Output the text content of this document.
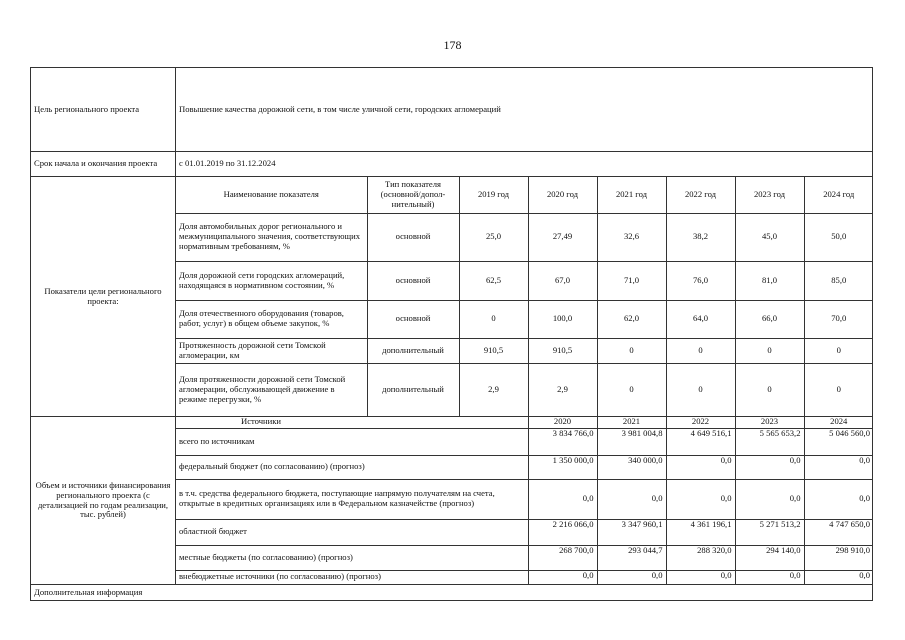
178
Цель регионального проекта	Повышение качества дорожной сети, в том числе уличной сети, городских агломераций
Срок начала и окончания проекта	с 01.01.2019 по 31.12.2024
Показатели цели регионального проекта:	
Наименование показателя	Тип показателя (основной/допол-нительный)	2019 год	2020 год	2021 год	2022 год	2023 год	2024 год
Доля автомобильных дорог регионального и межмуниципального значения, соответствующих нормативным требованиям, %	основной	25,0	27,49	32,6	38,2	45,0	50,0
Доля дорожной сети городских агломераций, находящаяся в нормативном состоянии, %	основной	62,5	67,0	71,0	76,0	81,0	85,0
Доля отечественного оборудования (товаров, работ, услуг) в общем объеме закупок, %	основной	0	100,0	62,0	64,0	66,0	70,0
Протяженность дорожной сети Томской агломерации, км	дополнительный	910,5	910,5	0	0	0	0
Доля протяженности дорожной сети Томской агломерации, обслуживающей движение в режиме перегрузки, %	дополнительный	2,9	2,9	0	0	0	0

Объем и источники финансирования регионального проекта (с детализацией по годам реализации, тыс. рублей)	
Источники	2020	2021	2022	2023	2024
всего по источникам	3 834 766,0	3 981 004,8	4 649 516,1	5 565 653,2	5 046 560,0
федеральный бюджет (по согласованию) (прогноз)	1 350 000,0	340 000,0	0,0	0,0	0,0
в т.ч. средства федерального бюджета, поступающие напрямую получателям на счета, открытые в кредитных организациях или в Федеральном казначействе (прогноз)	0,0	0,0	0,0	0,0	0,0
областной бюджет	2 216 066,0	3 347 960,1	4 361 196,1	5 271 513,2	4 747 650,0
местные бюджеты (по согласованию) (прогноз)	268 700,0	293 044,7	288 320,0	294 140,0	298 910,0
внебюджетные источники (по согласованию) (прогноз)	0,0	0,0	0,0	0,0	0,0

Дополнительная информация
